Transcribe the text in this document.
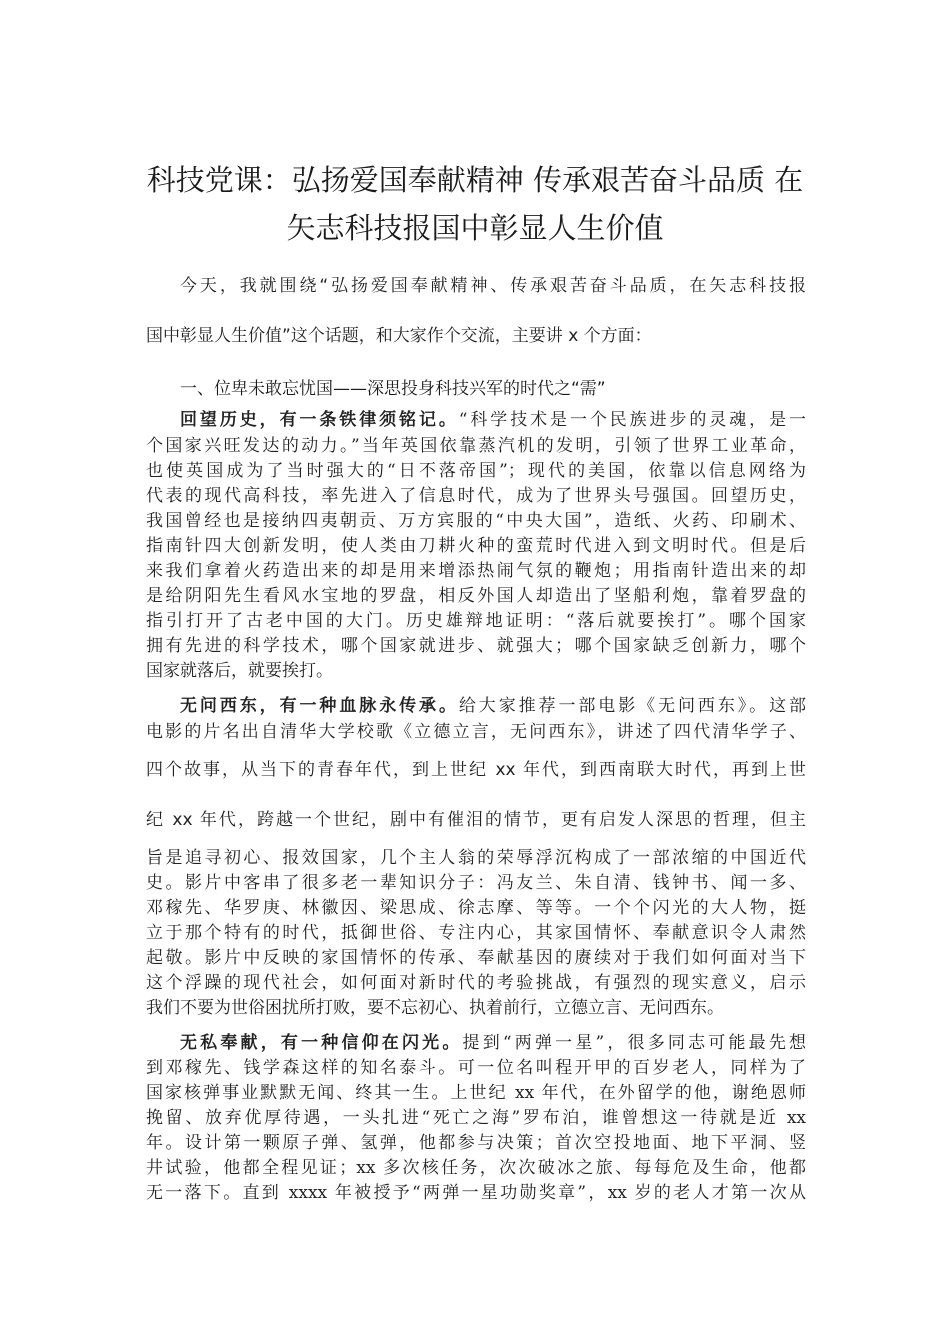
科技党课：弘扬爱国奉献精神 传承艰苦奋斗品质 在
矢志科技报国中彰显人生价值
今天，我就围绕“弘扬爱国奉献精神、传承艰苦奋斗品质，在矢志科技报
国中彰显人生价值”这个话题，和大家作个交流，主要讲 x 个方面：
一、位卑未敢忘忧国——深思投身科技兴军的时代之“需”
回望历史，有一条铁律须铭记。“科学技术是一个民族进步的灵魂，是一
个国家兴旺发达的动力。”当年英国依靠蒸汽机的发明，引领了世界工业革命，
也使英国成为了当时强大的“日不落帝国”；现代的美国，依靠以信息网络为
代表的现代高科技，率先进入了信息时代，成为了世界头号强国。回望历史，
我国曾经也是接纳四夷朝贡、万方宾服的“中央大国”，造纸、火药、印刷术、
指南针四大创新发明，使人类由刀耕火种的蛮荒时代进入到文明时代。但是后
来我们拿着火药造出来的却是用来增添热闹气氛的鞭炮；用指南针造出来的却
是给阴阳先生看风水宝地的罗盘，相反外国人却造出了坚船利炮，靠着罗盘的
指引打开了古老中国的大门。历史雄辩地证明：“落后就要挨打”。哪个国家
拥有先进的科学技术，哪个国家就进步、就强大；哪个国家缺乏创新力，哪个
国家就落后，就要挨打。
无问西东，有一种血脉永传承。给大家推荐一部电影《无问西东》。这部
电影的片名出自清华大学校歌《立德立言，无问西东》，讲述了四代清华学子、
四个故事，从当下的青春年代，到上世纪 xx 年代，到西南联大时代，再到上世
纪 xx 年代，跨越一个世纪，剧中有催泪的情节，更有启发人深思的哲理，但主
旨是追寻初心、报效国家，几个主人翁的荣辱浮沉构成了一部浓缩的中国近代
史。影片中客串了很多老一辈知识分子：冯友兰、朱自清、钱钟书、闻一多、
邓稼先、华罗庚、林徽因、梁思成、徐志摩、等等。一个个闪光的大人物，挺
立于那个特有的时代，抵御世俗、专注内心，其家国情怀、奉献意识令人肃然
起敬。影片中反映的家国情怀的传承、奉献基因的赓续对于我们如何面对当下
这个浮躁的现代社会，如何面对新时代的考验挑战，有强烈的现实意义，启示
我们不要为世俗困扰所打败，要不忘初心、执着前行，立德立言、无问西东。
无私奉献，有一种信仰在闪光。提到“两弹一星”，很多同志可能最先想
到邓稼先、钱学森这样的知名泰斗。可一位名叫程开甲的百岁老人，同样为了
国家核弹事业默默无闻、终其一生。上世纪 xx 年代，在外留学的他，谢绝恩师
挽留、放弃优厚待遇，一头扎进“死亡之海”罗布泊，谁曾想这一待就是近 xx
年。设计第一颗原子弹、氢弹，他都参与决策；首次空投地面、地下平洞、竖
井试验，他都全程见证；xx 多次核任务，次次破冰之旅、每每危及生命，他都
无一落下。直到 xxxx 年被授予“两弹一星功勋奖章”，xx 岁的老人才第一次从
